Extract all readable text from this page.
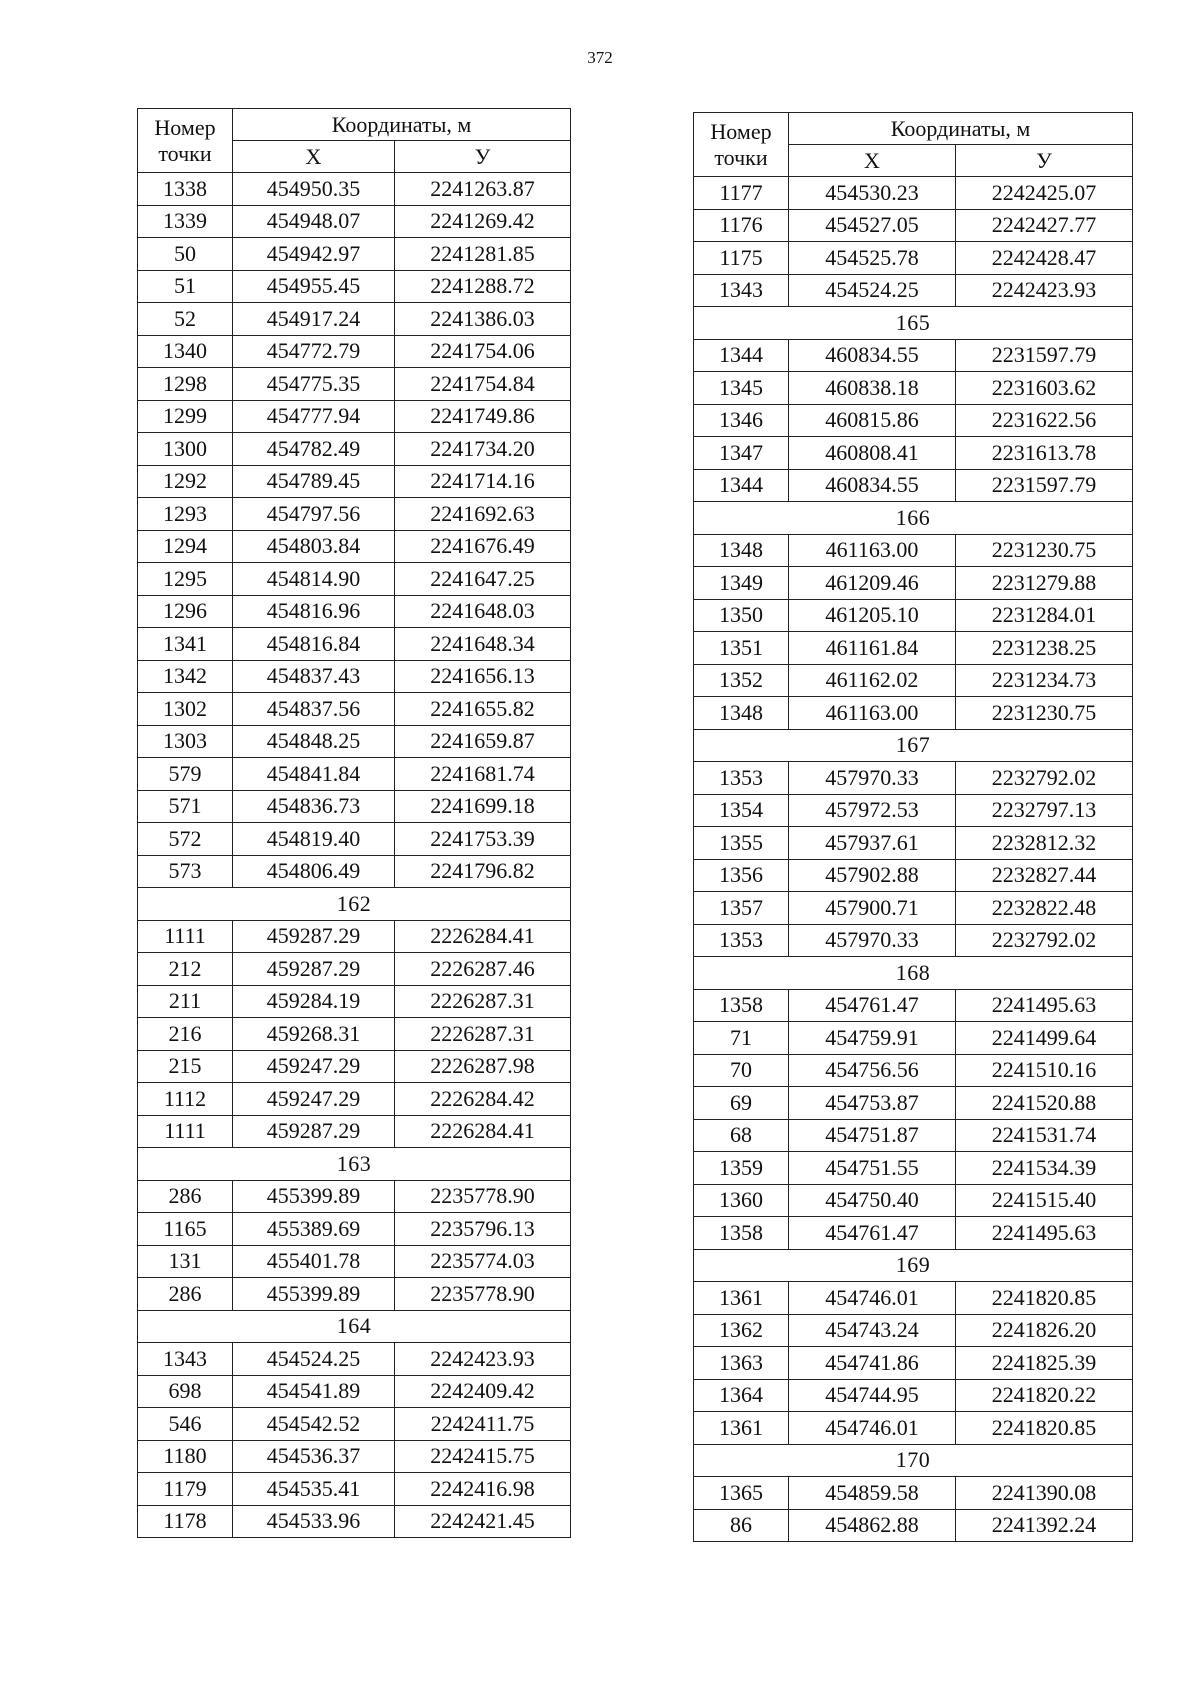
372
Номер точки	Координаты, м	
	X	У
1338	454950.35	2241263.87
1339	454948.07	2241269.42
50	454942.97	2241281.85
51	454955.45	2241288.72
52	454917.24	2241386.03
1340	454772.79	2241754.06
1298	454775.35	2241754.84
1299	454777.94	2241749.86
1300	454782.49	2241734.20
1292	454789.45	2241714.16
1293	454797.56	2241692.63
1294	454803.84	2241676.49
1295	454814.90	2241647.25
1296	454816.96	2241648.03
1341	454816.84	2241648.34
1342	454837.43	2241656.13
1302	454837.56	2241655.82
1303	454848.25	2241659.87
579	454841.84	2241681.74
571	454836.73	2241699.18
572	454819.40	2241753.39
573	454806.49	2241796.82
162		
1111	459287.29	2226284.41
212	459287.29	2226287.46
211	459284.19	2226287.31
216	459268.31	2226287.31
215	459247.29	2226287.98
1112	459247.29	2226284.42
1111	459287.29	2226284.41
163		
286	455399.89	2235778.90
1165	455389.69	2235796.13
131	455401.78	2235774.03
286	455399.89	2235778.90
164		
1343	454524.25	2242423.93
698	454541.89	2242409.42
546	454542.52	2242411.75
1180	454536.37	2242415.75
1179	454535.41	2242416.98
1178	454533.96	2242421.45
Номер точки	Координаты, м	
	X	У
1177	454530.23	2242425.07
1176	454527.05	2242427.77
1175	454525.78	2242428.47
1343	454524.25	2242423.93
165		
1344	460834.55	2231597.79
1345	460838.18	2231603.62
1346	460815.86	2231622.56
1347	460808.41	2231613.78
1344	460834.55	2231597.79
166		
1348	461163.00	2231230.75
1349	461209.46	2231279.88
1350	461205.10	2231284.01
1351	461161.84	2231238.25
1352	461162.02	2231234.73
1348	461163.00	2231230.75
167		
1353	457970.33	2232792.02
1354	457972.53	2232797.13
1355	457937.61	2232812.32
1356	457902.88	2232827.44
1357	457900.71	2232822.48
1353	457970.33	2232792.02
168		
1358	454761.47	2241495.63
71	454759.91	2241499.64
70	454756.56	2241510.16
69	454753.87	2241520.88
68	454751.87	2241531.74
1359	454751.55	2241534.39
1360	454750.40	2241515.40
1358	454761.47	2241495.63
169		
1361	454746.01	2241820.85
1362	454743.24	2241826.20
1363	454741.86	2241825.39
1364	454744.95	2241820.22
1361	454746.01	2241820.85
170		
1365	454859.58	2241390.08
86	454862.88	2241392.24
